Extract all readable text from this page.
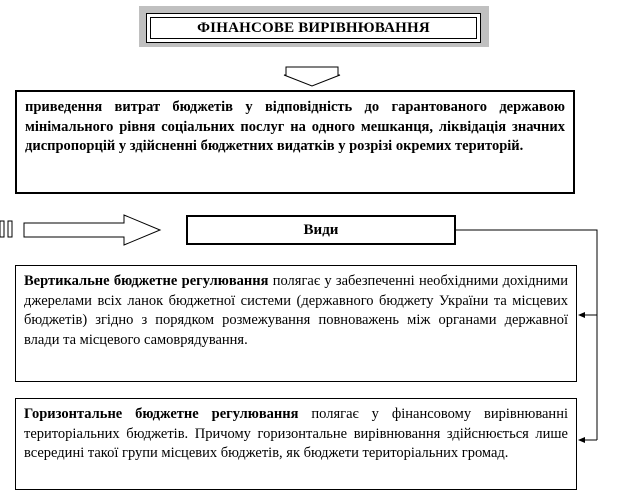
ФІНАНСОВЕ ВИРІВНЮВАННЯ
приведення витрат бюджетів у відповідність до гарантованого державою мінімального рівня соціальних послуг на одного мешканця, ліквідація значних диспропорцій у здійсненні бюджетних видатків у розрізі окремих територій.
Види
Вертикальне бюджетне регулювання полягає у забезпеченні необхідними дохідними джерелами всіх ланок бюджетної системи (державного бюджету України та місцевих бюджетів) згідно з порядком розмежування повноважень між органами державної влади та місцевого самоврядування.
Горизонтальне бюджетне регулювання полягає у фінансовому вирівнюванні територіальних бюджетів. Причому горизонтальне вирівнювання здійснюється лише всередині такої групи місцевих бюджетів, як бюджети територіальних громад.
